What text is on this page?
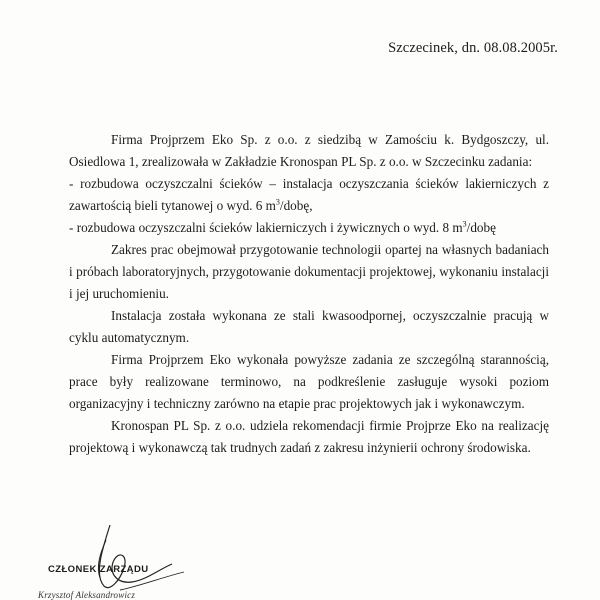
Szczecinek, dn. 08.08.2005r.

Firma Projprzem Eko Sp. z o.o. z siedzibą w Zamościu k. Bydgoszczy, ul. Osiedlowa 1, zrealizowała w Zakładzie Kronospan PL Sp. z o.o. w Szczecinku zadania:

- rozbudowa oczyszczalni ścieków – instalacja oczyszczania ścieków lakierniczych z zawartością bieli tytanowej o wyd. 6 $m^3$/dobę,

- rozbudowa oczyszczalni ścieków lakierniczych i żywicznych o wyd. 8 $m^3$/dobę

Zakres prac obejmował przygotowanie technologii opartej na własnych badaniach i próbach laboratoryjnych, przygotowanie dokumentacji projektowej, wykonaniu instalacji i jej uruchomieniu.

Instalacja została wykonana ze stali kwasoodpornej, oczyszczalnie pracują w cyklu automatycznym.

Firma Projprzem Eko wykonała powyższe zadania ze szczególną starannością, prace były realizowane terminowo, na podkreślenie zasługuje wysoki poziom organizacyjny i techniczny zarówno na etapie prac projektowych jak i wykonawczym.

Kronospan PL Sp. z o.o. udziela rekomendacji firmie Projprze Eko na realizację projektową i wykonawczą tak trudnych zadań z zakresu inżynierii ochrony środowiska.

CZŁONEK ZARZĄDU
Krzysztof Aleksandrowicz
